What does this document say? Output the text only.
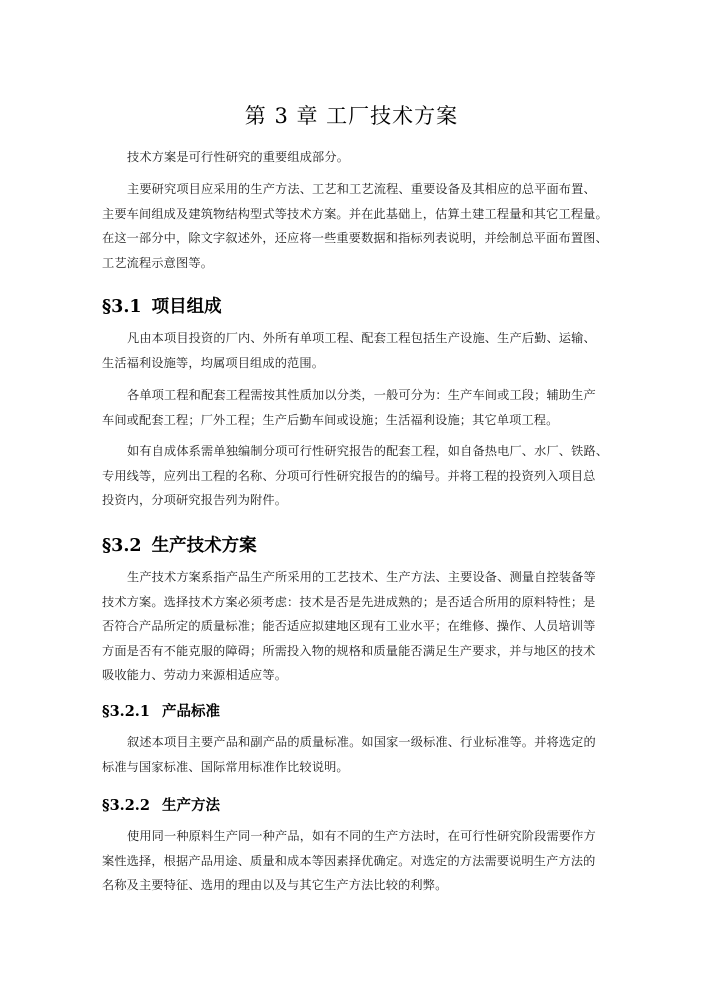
第 3 章 工厂技术方案
技术方案是可行性研究的重要组成部分。
主要研究项目应采用的生产方法、工艺和工艺流程、重要设备及其相应的总平面布置、
主要车间组成及建筑物结构型式等技术方案。并在此基础上，估算土建工程量和其它工程量。
在这一部分中，除文字叙述外，还应将一些重要数据和指标列表说明，并绘制总平面布置图、
工艺流程示意图等。
§3.1 项目组成
凡由本项目投资的厂内、外所有单项工程、配套工程包括生产设施、生产后勤、运输、
生活福利设施等，均属项目组成的范围。
各单项工程和配套工程需按其性质加以分类，一般可分为：生产车间或工段；辅助生产
车间或配套工程；厂外工程；生产后勤车间或设施；生活福利设施；其它单项工程。
如有自成体系需单独编制分项可行性研究报告的配套工程，如自备热电厂、水厂、铁路、
专用线等，应列出工程的名称、分项可行性研究报告的的编号。并将工程的投资列入项目总
投资内，分项研究报告列为附件。
§3.2 生产技术方案
生产技术方案系指产品生产所采用的工艺技术、生产方法、主要设备、测量自控装备等
技术方案。选择技术方案必须考虑：技术是否是先进成熟的；是否适合所用的原料特性；是
否符合产品所定的质量标准；能否适应拟建地区现有工业水平；在维修、操作、人员培训等
方面是否有不能克服的障碍；所需投入物的规格和质量能否满足生产要求，并与地区的技术
吸收能力、劳动力来源相适应等。
§3.2.1 产品标准
叙述本项目主要产品和副产品的质量标准。如国家一级标准、行业标准等。并将选定的
标准与国家标准、国际常用标准作比较说明。
§3.2.2 生产方法
使用同一种原料生产同一种产品，如有不同的生产方法时，在可行性研究阶段需要作方
案性选择，根据产品用途、质量和成本等因素择优确定。对选定的方法需要说明生产方法的
名称及主要特征、选用的理由以及与其它生产方法比较的利弊。
